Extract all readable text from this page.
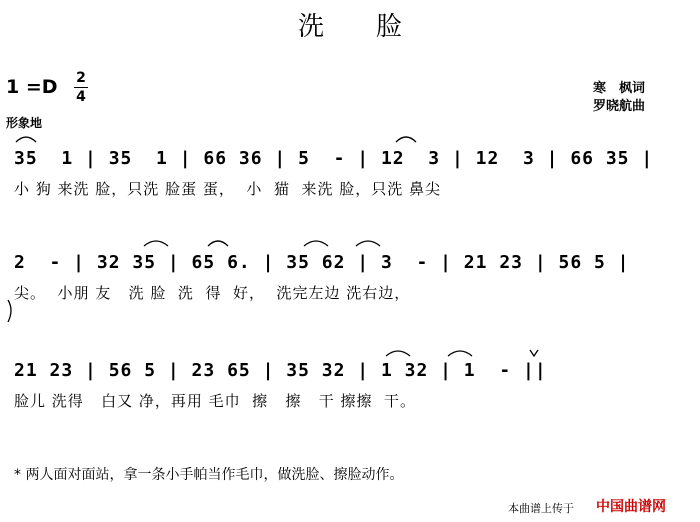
洗　　脸
1 =D 2
4
形象地
寒　枫词
罗晓航曲
35  1 | 35  1 | 66 36 | 5  - | 12  3 | 12  3 | 66 35 |
小 狗 来洗 脸，只洗 脸蛋 蛋，  小  猫  来洗 脸，只洗 鼻尖
2  - | 32 35 | 65 6. | 35 62 | 3  - | 21 23 | 56 5 |
尖。  小朋 友   洗 脸  洗  得  好，  洗完左边 洗右边，
21 23 | 56 5 | 23 65 | 35 32 | 1 32 | 1  - ||
脸儿 洗得   白又 净，再用 毛巾  擦   擦   干 擦擦  干。
* 两人面对面站，拿一条小手帕当作毛巾，做洗脸、擦脸动作。
本曲谱上传于 中国曲谱网
